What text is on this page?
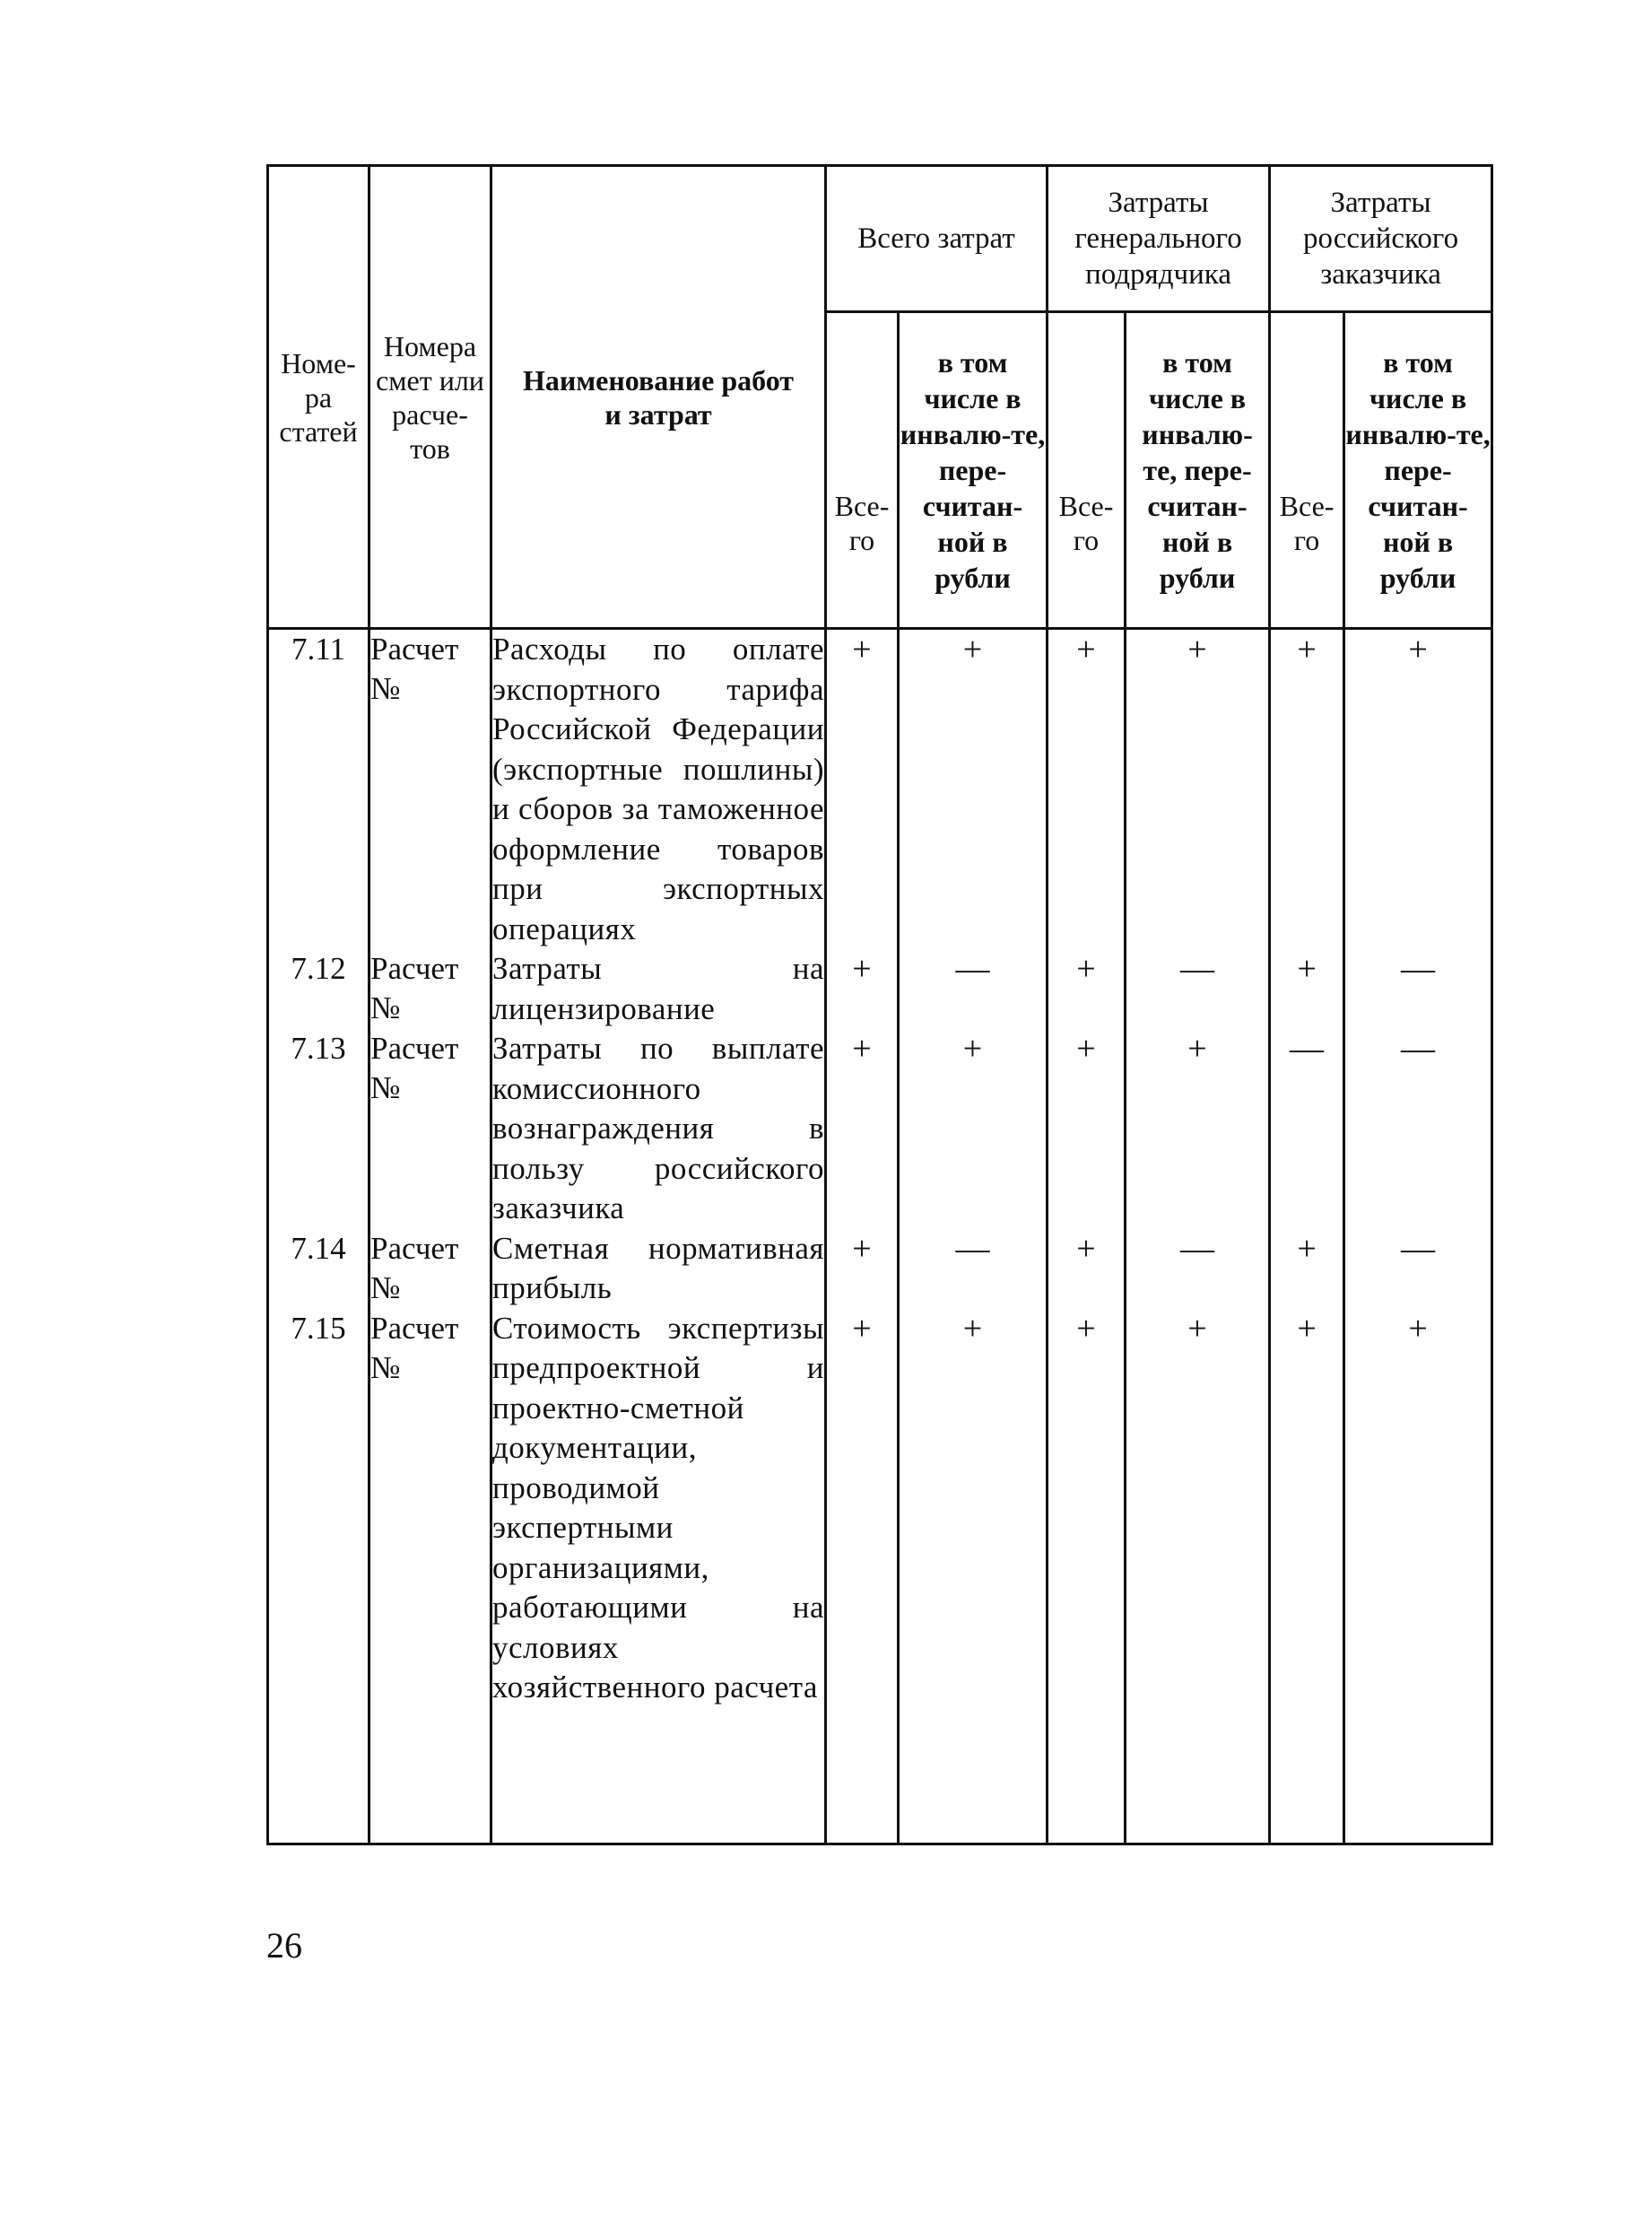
Номе-ра статей	Номера смет или расче-тов	Наименование работ и затрат	Всего затрат		Затраты генерального подрядчика		Затраты российского заказчика	

			Все-го	в том числе в инвалю-те, пере-считан-ной в рубли	Все-го	в том числе в инвалю-те, пере-считан-ной в рубли	Все-го	в том числе в инвалю-те, пере-считан-ной в рубли

7.11	Расчет №	Расходы по оплате экспортного тарифа Российской Федерации (экспортные пошлины) и сборов за таможенное оформление товаров при экспортных операциях	+	+	+	+	+	+
7.12	Расчет №	Затраты на лицензирование	+	—	+	—	+	—
7.13	Расчет №	Затраты по выплате комиссионного вознаграждения в пользу российского заказчика	+	+	+	+	—	—
7.14	Расчет №	Сметная нормативная прибыль	+	—	+	—	+	—
7.15	Расчет №	Стоимость экспертизы предпроектной и проектно-сметной документации, проводимой экспертными организациями, работающими на условиях хозяйственного расчета	+	+	+	+	+	+

26
